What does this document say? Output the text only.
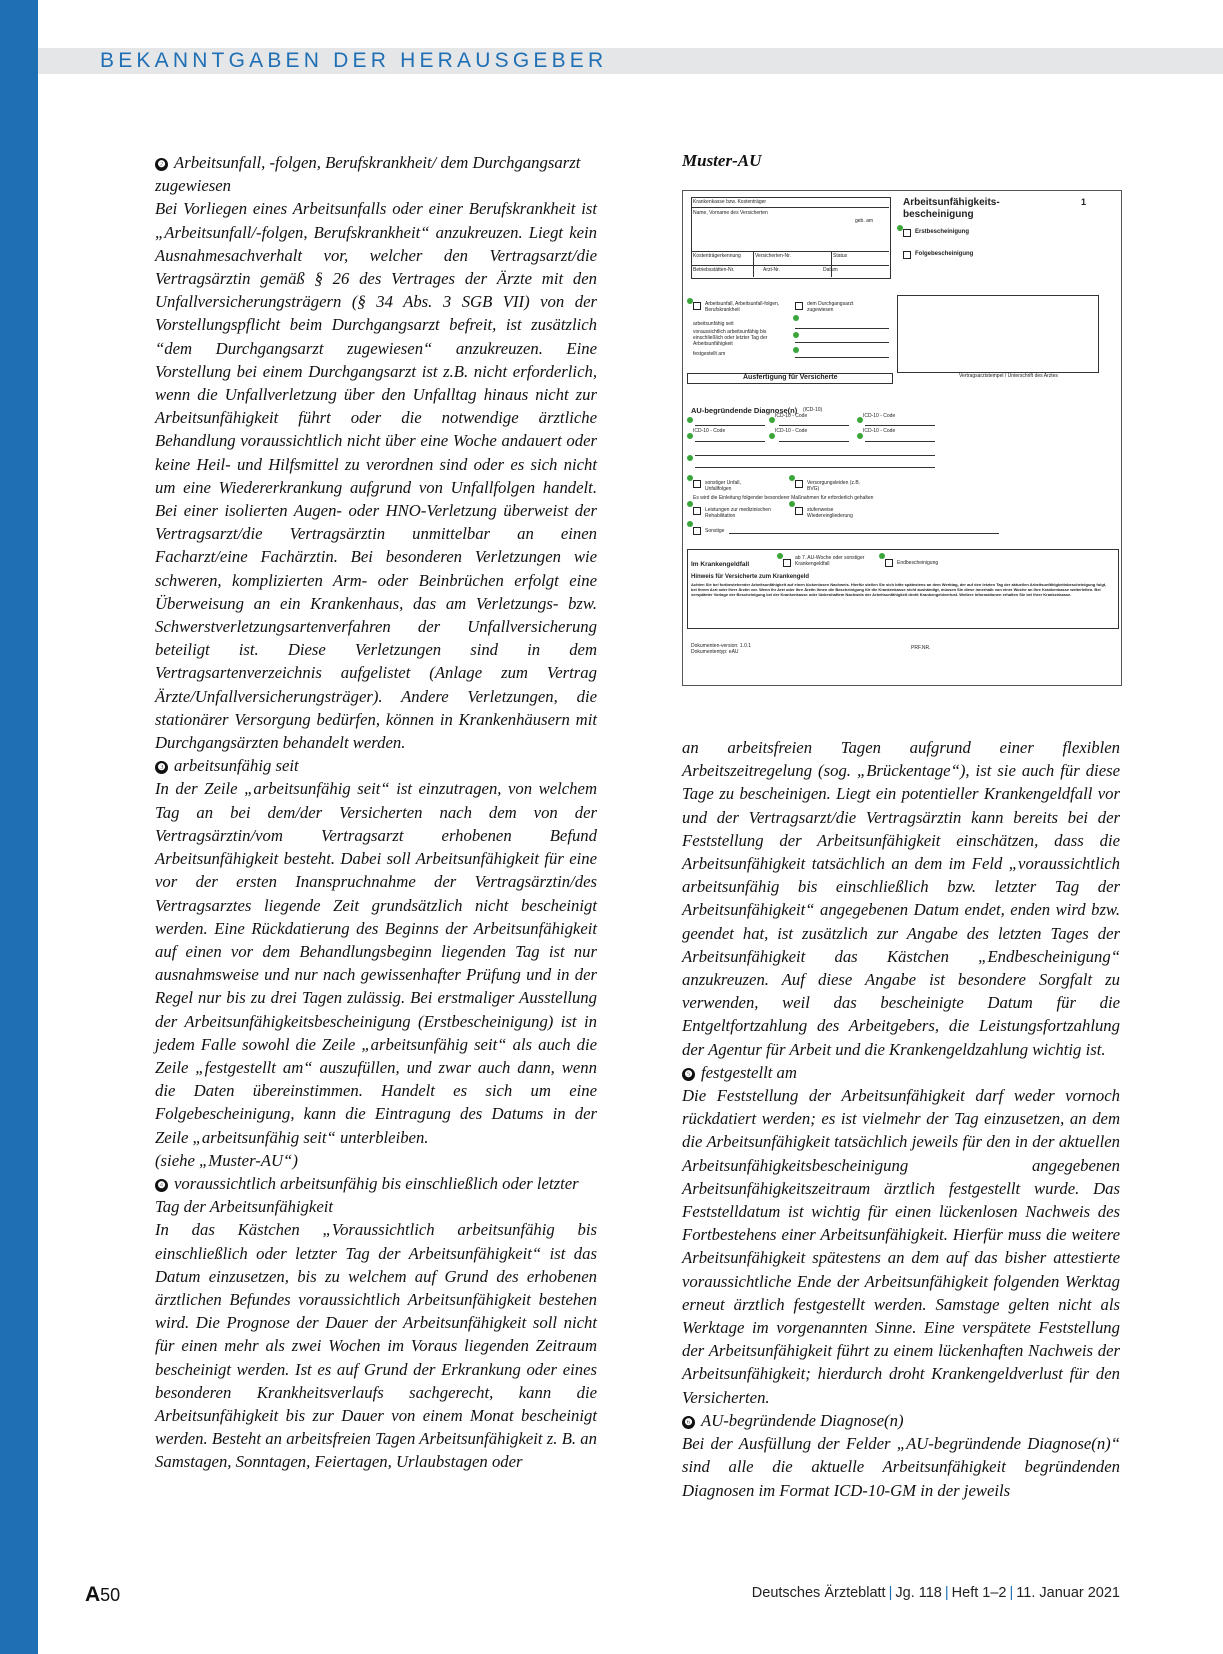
BEKANNTGABEN DER HERAUSGEBER

❷ Arbeitsunfall, -folgen, Berufskrankheit/ dem Durchgangsarzt zugewiesen

Bei Vorliegen eines Arbeitsunfalls oder einer Berufskrankheit ist „Arbeitsunfall/-folgen, Berufskrankheit“ anzukreuzen. Liegt kein Ausnahmesachverhalt vor, welcher den Vertragsarzt/die Vertragsärztin gemäß § 26 des Vertrages der Ärzte mit den Unfallversicherungsträgern (§ 34 Abs. 3 SGB VII) von der Vorstellungspflicht beim Durchgangsarzt befreit, ist zusätzlich “dem Durchgangsarzt zugewiesen“ anzukreuzen. Eine Vorstellung bei einem Durchgangsarzt ist z.B. nicht erforderlich, wenn die Unfallverletzung über den Unfalltag hinaus nicht zur Arbeitsunfähigkeit führt oder die notwendige ärztliche Behandlung voraussichtlich nicht über eine Woche andauert oder keine Heil- und Hilfsmittel zu verordnen sind oder es sich nicht um eine Wiedererkrankung aufgrund von Unfallfolgen handelt. Bei einer isolierten Augen- oder HNO-Verletzung überweist der Vertragsarzt/die Vertragsärztin unmittelbar an einen Facharzt/eine Fachärztin. Bei besonderen Verletzungen wie schweren, komplizierten Arm- oder Beinbrüchen erfolgt eine Überweisung an ein Krankenhaus, das am Verletzungs- bzw. Schwerstverletzungsartenverfahren der Unfallversicherung beteiligt ist. Diese Verletzungen sind in dem Vertragsartenverzeichnis aufgelistet (Anlage zum Vertrag Ärzte/Unfallversicherungsträger). Andere Verletzungen, die stationärer Versorgung bedürfen, können in Krankenhäusern mit Durchgangsärzten behandelt werden.

❸ arbeitsunfähig seit

In der Zeile „arbeitsunfähig seit“ ist einzutragen, von welchem Tag an bei dem/der Versicherten nach dem von der Vertragsärztin/vom Vertragsarzt erhobenen Befund Arbeitsunfähigkeit besteht. Dabei soll Arbeitsunfähigkeit für eine vor der ersten Inanspruchnahme der Vertragsärztin/des Vertragsarztes liegende Zeit grundsätzlich nicht bescheinigt werden. Eine Rückdatierung des Beginns der Arbeitsunfähigkeit auf einen vor dem Behandlungsbeginn liegenden Tag ist nur ausnahmsweise und nur nach gewissenhafter Prüfung und in der Regel nur bis zu drei Tagen zulässig. Bei erstmaliger Ausstellung der Arbeitsunfähigkeitsbescheinigung (Erstbescheinigung) ist in jedem Falle sowohl die Zeile „arbeitsunfähig seit“ als auch die Zeile „festgestellt am“ auszufüllen, und zwar auch dann, wenn die Daten übereinstimmen. Handelt es sich um eine Folgebescheinigung, kann die Eintragung des Datums in der Zeile „arbeitsunfähig seit“ unterbleiben.

(siehe „Muster-AU“)

❹ voraussichtlich arbeitsunfähig bis einschließlich oder letzter Tag der Arbeitsunfähigkeit

In das Kästchen „Voraussichtlich arbeitsunfähig bis einschließlich oder letzter Tag der Arbeitsunfähigkeit“ ist das Datum einzusetzen, bis zu welchem auf Grund des erhobenen ärztlichen Befundes voraussichtlich Arbeitsunfähigkeit bestehen wird. Die Prognose der Dauer der Arbeitsunfähigkeit soll nicht für einen mehr als zwei Wochen im Voraus liegenden Zeitraum bescheinigt werden. Ist es auf Grund der Erkrankung oder eines besonderen Krankheitsverlaufs sachgerecht, kann die Arbeitsunfähigkeit bis zur Dauer von einem Monat bescheinigt werden. Besteht an arbeitsfreien Tagen Arbeitsunfähigkeit z. B. an Samstagen, Sonntagen, Feiertagen, Urlaubstagen oder

an arbeitsfreien Tagen aufgrund einer flexiblen Arbeitszeitregelung (sog. „Brückentage“), ist sie auch für diese Tage zu bescheinigen. Liegt ein potentieller Krankengeldfall vor und der Vertragsarzt/die Vertragsärztin kann bereits bei der Feststellung der Arbeitsunfähigkeit einschätzen, dass die Arbeitsunfähigkeit tatsächlich an dem im Feld „voraussichtlich arbeitsunfähig bis einschließlich bzw. letzter Tag der Arbeitsunfähigkeit“ angegebenen Datum endet, enden wird bzw. geendet hat, ist zusätzlich zur Angabe des letzten Tages der Arbeitsunfähigkeit das Kästchen „Endbescheinigung“ anzukreuzen. Auf diese Angabe ist besondere Sorgfalt zu verwenden, weil das bescheinigte Datum für die Entgeltfortzahlung des Arbeitgebers, die Leistungsfortzahlung der Agentur für Arbeit und die Krankengeldzahlung wichtig ist.

❺ festgestellt am

Die Feststellung der Arbeitsunfähigkeit darf weder vornoch rückdatiert werden; es ist vielmehr der Tag einzusetzen, an dem die Arbeitsunfähigkeit tatsächlich jeweils für den in der aktuellen Arbeitsunfähigkeitsbescheinigung angegebenen Arbeitsunfähigkeitszeitraum ärztlich festgestellt wurde. Das Feststelldatum ist wichtig für einen lückenlosen Nachweis des Fortbestehens einer Arbeitsunfähigkeit. Hierfür muss die weitere Arbeitsunfähigkeit spätestens an dem auf das bisher attestierte voraussichtliche Ende der Arbeitsunfähigkeit folgenden Werktag erneut ärztlich festgestellt werden. Samstage gelten nicht als Werktage im vorgenannten Sinne. Eine verspätete Feststellung der Arbeitsunfähigkeit führt zu einem lückenhaften Nachweis der Arbeitsunfähigkeit; hierdurch droht Krankengeldverlust für den Versicherten.

❻ AU-begründende Diagnose(n)

Bei der Ausfüllung der Felder „AU-begründende Diagnose(n)“ sind alle die aktuelle Arbeitsunfähigkeit begründenden Diagnosen im Format ICD-10-GM in der jeweils

Muster-AU
Krankenkasse bzw. Kostenträger
Name, Vorname des Versicherten
geb. am
Kostenträgerkennung	Versicherten-Nr.	Status
Betriebsstätten-Nr.	Arzt-Nr.	Datum
Arbeitsunfähigkeits-
bescheinigung
1
Erstbescheinigung
Folgebescheinigung
Arbeitsunfall, Arbeitsunfall-folgen, Berufskrankheit
dem Durchgangsarzt zugewiesen
arbeitsunfähig seit
voraussichtlich arbeitsunfähig bis einschließlich oder letzter Tag der Arbeitsunfähigkeit
festgestellt am
Vertragsarztstempel / Unterschrift des Arztes
Ausfertigung für Versicherte
AU-begründende Diagnose(n) (ICD-10)
ICD-10 - Code	ICD-10 - Code
ICD-10 - Code	ICD-10 - Code	ICD-10 - Code
sonstiger Unfall, Unfallfolgen
Versorgungsleiden (z.B. BVG)
Es wird die Einleitung folgender besonderer Maßnahmen für erforderlich gehalten
Leistungen zur medizinischen Rehabilitation
stufenweise Wiedereingliederung
Sonstige
Im Krankengeldfall
ab 7. AU-Woche oder sonstiger Krankengeldfall	Endbescheinigung
Hinweis für Versicherte zum Krankengeld
Achten Sie bei fortbestehender Arbeitsunfähigkeit auf einen lückenlosen Nachweis. Hierfür stellen Sie sich bitte spätestens an dem Werktag, der auf den letzten Tag der aktuellen Arbeitsunfähigkeitsbescheinigung folgt, bei Ihrem Arzt oder Ihrer Ärztin vor. Wenn Ihr Arzt oder Ihre Ärztin Ihnen die Bescheinigung für die Krankenkasse nicht aushändigt, müssen Sie diese innerhalb von einer Woche an Ihre Krankenkasse weiterleiten. Bei verspäteter Vorlage der Bescheinigung bei der Krankenkasse oder lückenhaftem Nachweis der Arbeitsunfähigkeit droht Krankengeldverlust. Weitere Informationen erhalten Sie bei Ihrer Krankenkasse.
Dokumenten-version: 1.0.1
Dokumententyp: eAU
PRF.NR.
A50	Deutsches Ärzteblatt | Jg. 118 | Heft 1–2 | 11. Januar 2021
